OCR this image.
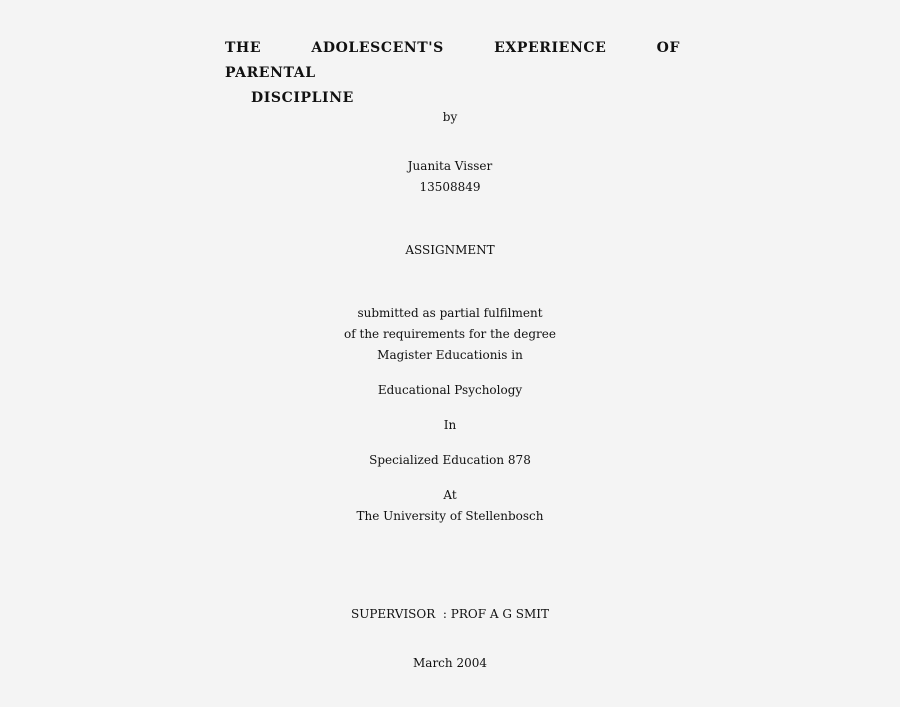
THE ADOLESCENT'S EXPERIENCE OF PARENTAL
DISCIPLINE
by
Juanita Visser
13508849
ASSIGNMENT
submitted as partial fulfilment
of the requirements for the degree
Magister Educationis in
Educational Psychology
In
Specialized Education 878
At
The University of Stellenbosch
SUPERVISOR  : PROF A G SMIT
March 2004
